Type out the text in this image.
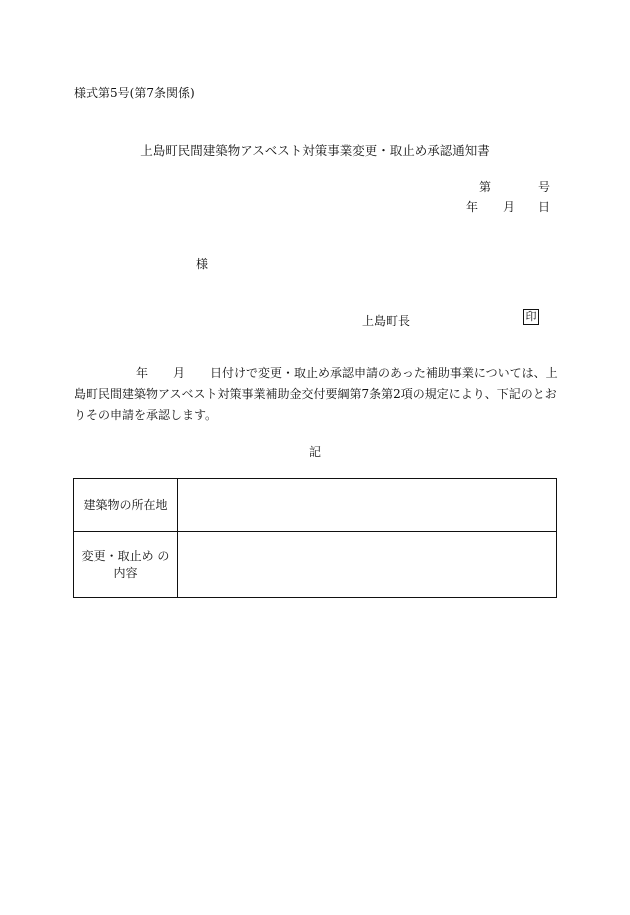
様式第5号(第7条関係)
上島町民間建築物アスベスト対策事業変更・取止め承認通知書
第	号
年 月 日
様
上島町長	印
年 月 日付けで変更・取止め承認申請のあった補助事業については、上
島町民間建築物アスベスト対策事業補助金交付要綱第7条第2項の規定により、下記のとお
りその申請を承認します。
記
建築物の所在地	

変更・取止め の
内容	
